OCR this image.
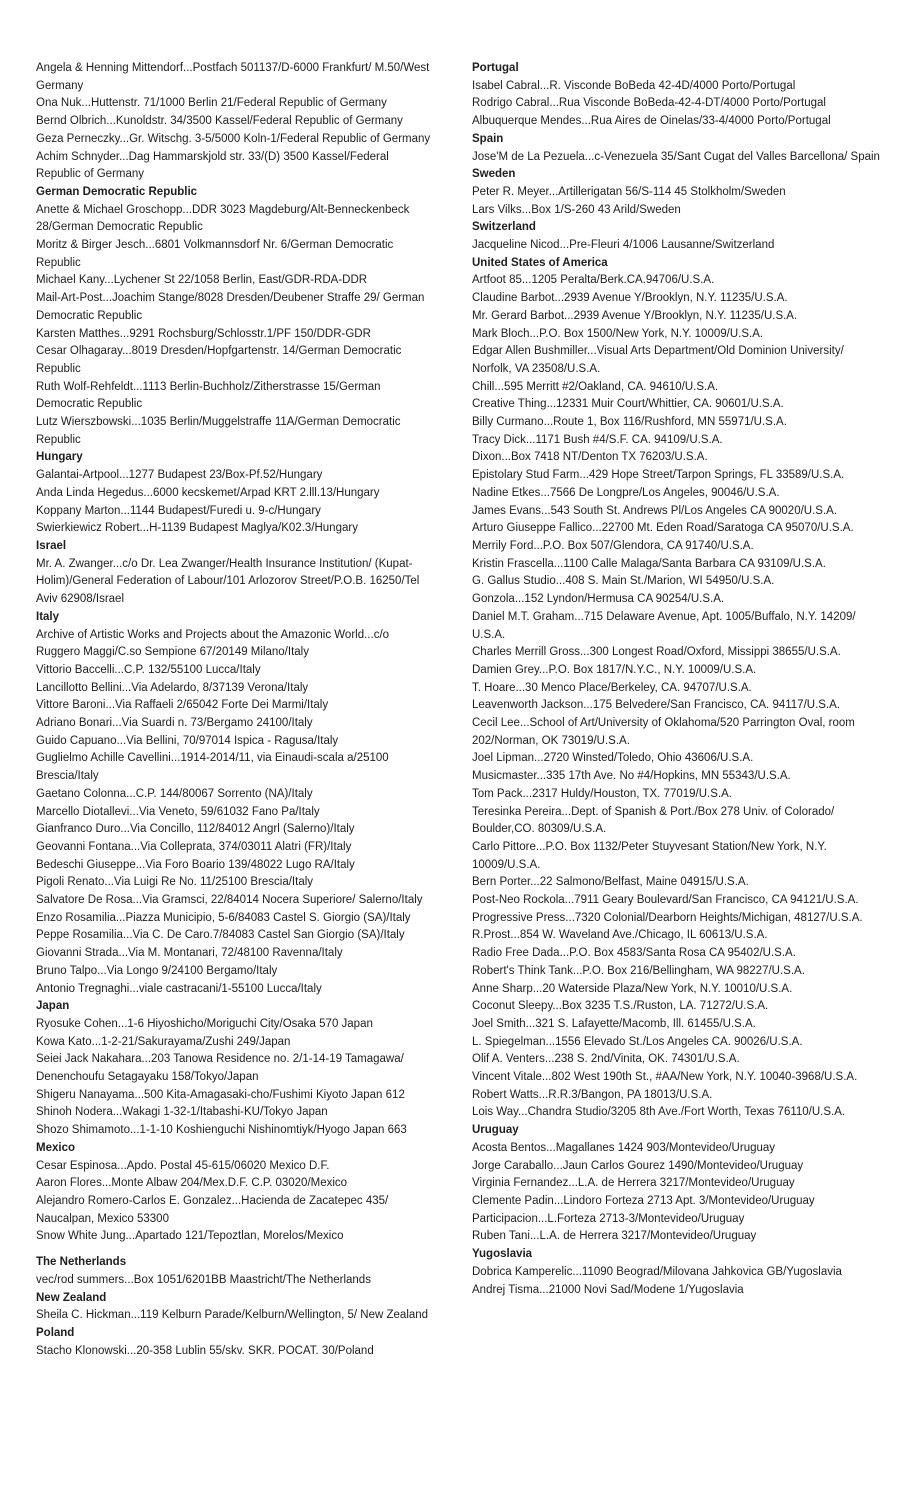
Angela & Henning Mittendorf...Postfach 501137/D-6000 Frankfurt/ M.50/West Germany
Ona Nuk...Huttenstr. 71/1000 Berlin 21/Federal Republic of Germany
Bernd Olbrich...Kunoldstr. 34/3500 Kassel/Federal Republic of Germany
Geza Perneczky...Gr. Witschg. 3-5/5000 Koln-1/Federal Republic of Germany
Achim Schnyder...Dag Hammarskjold str. 33/(D) 3500 Kassel/Federal Republic of Germany
German Democratic Republic
Anette & Michael Groschopp...DDR 3023 Magdeburg/Alt-Benneckenbeck 28/German Democratic Republic
Moritz & Birger Jesch...6801 Volkmannsdorf Nr. 6/German Democratic Republic
Michael Kany...Lychener St 22/1058 Berlin, East/GDR-RDA-DDR
Mail-Art-Post...Joachim Stange/8028 Dresden/Deubener Straffe 29/ German Democratic Republic
Karsten Matthes...9291 Rochsburg/Schlosstr.1/PF 150/DDR-GDR
Cesar Olhagaray...8019 Dresden/Hopfgartenstr. 14/German Democratic Republic
Ruth Wolf-Rehfeldt...1113 Berlin-Buchholz/Zitherstrasse 15/German Democratic Republic
Lutz Wierszbowski...1035 Berlin/Muggelstraffe 11A/German Democratic Republic
Hungary
Galantai-Artpool...1277 Budapest 23/Box-Pf.52/Hungary
Anda Linda Hegedus...6000 kecskemet/Arpad KRT 2.lll.13/Hungary
Koppany Marton...1144 Budapest/Furedi u. 9-c/Hungary
Swierkiewicz Robert...H-1139 Budapest Maglya/K02.3/Hungary
Israel
Mr. A. Zwanger...c/o Dr. Lea Zwanger/Health Insurance Institution/ (Kupat-Holim)/General Federation of Labour/101 Arlozorov Street/P.O.B. 16250/Tel Aviv 62908/Israel
Italy
Archive of Artistic Works and Projects about the Amazonic World...c/o Ruggero Maggi/C.so Sempione 67/20149 Milano/Italy
Vittorio Baccelli...C.P. 132/55100 Lucca/Italy
Lancillotto Bellini...Via Adelardo, 8/37139 Verona/Italy
Vittore Baroni...Via Raffaeli 2/65042 Forte Dei Marmi/Italy
Adriano Bonari...Via Suardi n. 73/Bergamo 24100/Italy
Guido Capuano...Via Bellini, 70/97014 Ispica - Ragusa/Italy
Guglielmo Achille Cavellini...1914-2014/11, via Einaudi-scala a/25100 Brescia/Italy
Gaetano Colonna...C.P. 144/80067 Sorrento (NA)/Italy
Marcello Diotallevi...Via Veneto, 59/61032 Fano Pa/Italy
Gianfranco Duro...Via Concillo, 112/84012 Angrl (Salerno)/Italy
Geovanni Fontana...Via Colleprata, 374/03011 Alatri (FR)/Italy
Bedeschi Giuseppe...Via Foro Boario 139/48022 Lugo RA/Italy
Pigoli Renato...Via Luigi Re No. 11/25100 Brescia/Italy
Salvatore De Rosa...Via Gramsci, 22/84014 Nocera Superiore/ Salerno/Italy
Enzo Rosamilia...Piazza Municipio, 5-6/84083 Castel S. Giorgio (SA)/Italy
Peppe Rosamilia...Via C. De Caro.7/84083 Castel San Giorgio (SA)/Italy
Giovanni Strada...Via M. Montanari, 72/48100 Ravenna/Italy
Bruno Talpo...Via Longo 9/24100 Bergamo/Italy
Antonio Tregnaghi...viale castracani/1-55100 Lucca/Italy
Japan
Ryosuke Cohen...1-6 Hiyoshicho/Moriguchi City/Osaka 570 Japan
Kowa Kato...1-2-21/Sakurayama/Zushi 249/Japan
Seiei Jack Nakahara...203 Tanowa Residence no. 2/1-14-19 Tamagawa/ Denenchoufu Setagayaku 158/Tokyo/Japan
Shigeru Nanayama...500 Kita-Amagasaki-cho/Fushimi Kiyoto Japan 612
Shinoh Nodera...Wakagi 1-32-1/Itabashi-KU/Tokyo Japan
Shozo Shimamoto...1-1-10 Koshienguchi Nishinomtiyk/Hyogo Japan 663
Mexico
Cesar Espinosa...Apdo. Postal 45-615/06020 Mexico D.F.
Aaron Flores...Monte Albaw 204/Mex.D.F. C.P. 03020/Mexico
Alejandro Romero-Carlos E. Gonzalez...Hacienda de Zacatepec 435/ Naucalpan, Mexico 53300
Snow White Jung...Apartado 121/Tepoztlan, Morelos/Mexico
The Netherlands
vec/rod summers...Box 1051/6201BB Maastricht/The Netherlands
New Zealand
Sheila C. Hickman...119 Kelburn Parade/Kelburn/Wellington, 5/ New Zealand
Poland
Stacho Klonowski...20-358 Lublin 55/skv. SKR. POCAT. 30/Poland
Portugal
Isabel Cabral...R. Visconde BoBeda 42-4D/4000 Porto/Portugal
Rodrigo Cabral...Rua Visconde BoBeda-42-4-DT/4000 Porto/Portugal
Albuquerque Mendes...Rua Aires de Oinelas/33-4/4000 Porto/Portugal
Spain
Jose'M de La Pezuela...c-Venezuela 35/Sant Cugat del Valles Barcellona/ Spain
Sweden
Peter R. Meyer...Artillerigatan 56/S-114 45 Stolkholm/Sweden
Lars Vilks...Box 1/S-260 43 Arild/Sweden
Switzerland
Jacqueline Nicod...Pre-Fleuri 4/1006 Lausanne/Switzerland
United States of America
Artfoot 85...1205 Peralta/Berk.CA.94706/U.S.A.
Claudine Barbot...2939 Avenue Y/Brooklyn, N.Y. 11235/U.S.A.
Mr. Gerard Barbot...2939 Avenue Y/Brooklyn, N.Y. 11235/U.S.A.
Mark Bloch...P.O. Box 1500/New York, N.Y. 10009/U.S.A.
Edgar Allen Bushmiller...Visual Arts Department/Old Dominion University/ Norfolk, VA 23508/U.S.A.
Chill...595 Merritt #2/Oakland, CA. 94610/U.S.A.
Creative Thing...12331 Muir Court/Whittier, CA. 90601/U.S.A.
Billy Curmano...Route 1, Box 116/Rushford, MN 55971/U.S.A.
Tracy Dick...1171 Bush #4/S.F. CA. 94109/U.S.A.
Dixon...Box 7418 NT/Denton TX 76203/U.S.A.
Epistolary Stud Farm...429 Hope Street/Tarpon Springs, FL 33589/U.S.A.
Nadine Etkes...7566 De Longpre/Los Angeles, 90046/U.S.A.
James Evans...543 South St. Andrews Pl/Los Angeles CA 90020/U.S.A.
Arturo Giuseppe Fallico...22700 Mt. Eden Road/Saratoga CA 95070/U.S.A.
Merrily Ford...P.O. Box 507/Glendora, CA 91740/U.S.A.
Kristin Frascella...1100 Calle Malaga/Santa Barbara CA 93109/U.S.A.
G. Gallus Studio...408 S. Main St./Marion, WI 54950/U.S.A.
Gonzola...152 Lyndon/Hermusa CA 90254/U.S.A.
Daniel M.T. Graham...715 Delaware Avenue, Apt. 1005/Buffalo, N.Y. 14209/ U.S.A.
Charles Merrill Gross...300 Longest Road/Oxford, Missippi 38655/U.S.A.
Damien Grey...P.O. Box 1817/N.Y.C., N.Y. 10009/U.S.A.
T. Hoare...30 Menco Place/Berkeley, CA. 94707/U.S.A.
Leavenworth Jackson...175 Belvedere/San Francisco, CA. 94117/U.S.A.
Cecil Lee...School of Art/University of Oklahoma/520 Parrington Oval, room 202/Norman, OK 73019/U.S.A.
Joel Lipman...2720 Winsted/Toledo, Ohio 43606/U.S.A.
Musicmaster...335 17th Ave. No #4/Hopkins, MN 55343/U.S.A.
Tom Pack...2317 Huldy/Houston, TX. 77019/U.S.A.
Teresinka Pereira...Dept. of Spanish & Port./Box 278 Univ. of Colorado/ Boulder,CO. 80309/U.S.A.
Carlo Pittore...P.O. Box 1132/Peter Stuyvesant Station/New York, N.Y. 10009/U.S.A.
Bern Porter...22 Salmono/Belfast, Maine 04915/U.S.A.
Post-Neo Rockola...7911 Geary Boulevard/San Francisco, CA 94121/U.S.A.
Progressive Press...7320 Colonial/Dearborn Heights/Michigan, 48127/U.S.A.
R.Prost...854 W. Waveland Ave./Chicago, IL 60613/U.S.A.
Radio Free Dada...P.O. Box 4583/Santa Rosa CA 95402/U.S.A.
Robert's Think Tank...P.O. Box 216/Bellingham, WA 98227/U.S.A.
Anne Sharp...20 Waterside Plaza/New York, N.Y. 10010/U.S.A.
Coconut Sleepy...Box 3235 T.S./Ruston, LA. 71272/U.S.A.
Joel Smith...321 S. Lafayette/Macomb, Ill. 61455/U.S.A.
L. Spiegelman...1556 Elevado St./Los Angeles CA. 90026/U.S.A.
Olif A. Venters...238 S. 2nd/Vinita, OK. 74301/U.S.A.
Vincent Vitale...802 West 190th St., #AA/New York, N.Y. 10040-3968/U.S.A.
Robert Watts...R.R.3/Bangon, PA 18013/U.S.A.
Lois Way...Chandra Studio/3205 8th Ave./Fort Worth, Texas 76110/U.S.A.
Uruguay
Acosta Bentos...Magallanes 1424 903/Montevideo/Uruguay
Jorge Caraballo...Jaun Carlos Gourez 1490/Montevideo/Uruguay
Virginia Fernandez...L.A. de Herrera 3217/Montevideo/Uruguay
Clemente Padin...Lindoro Forteza 2713 Apt. 3/Montevideo/Uruguay
Participacion...L.Forteza 2713-3/Montevideo/Uruguay
Ruben Tani...L.A. de Herrera 3217/Montevideo/Uruguay
Yugoslavia
Dobrica Kamperelic...11090 Beograd/Milovana Jahkovica GB/Yugoslavia
Andrej Tisma...21000 Novi Sad/Modene 1/Yugoslavia
